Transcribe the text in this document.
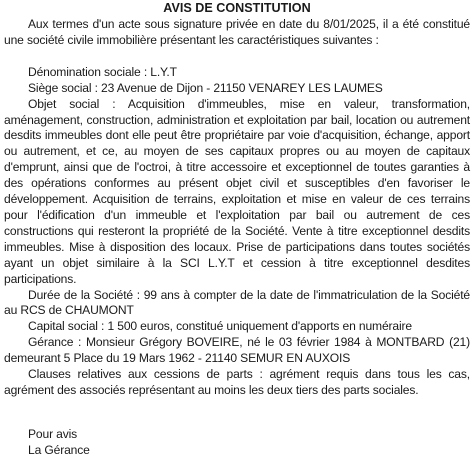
AVIS DE CONSTITUTION

Aux termes d'un acte sous signature privée en date du 8/01/2025, il a été constitué une société civile immobilière présentant les caractéristiques suivantes :

Dénomination sociale : L.Y.T

Siège social : 23 Avenue de Dijon - 21150 VENAREY LES LAUMES

Objet social : Acquisition d'immeubles, mise en valeur, transformation, aménagement, construction, administration et exploitation par bail, location ou autrement desdits immeubles dont elle peut être propriétaire par voie d'acquisition, échange, apport ou autrement, et ce, au moyen de ses capitaux propres ou au moyen de capitaux d'emprunt, ainsi que de l'octroi, à titre accessoire et exceptionnel de toutes garanties à des opérations conformes au présent objet civil et susceptibles d'en favoriser le développement. Acquisition de terrains, exploitation et mise en valeur de ces terrains pour l'édification d'un immeuble et l'exploitation par bail ou autrement de ces constructions qui resteront la propriété de la Société. Vente à titre exceptionnel desdits immeubles. Mise à disposition des locaux. Prise de participations dans toutes sociétés ayant un objet similaire à la SCI L.Y.T et cession à titre exceptionnel desdites participations.

Durée de la Société : 99 ans à compter de la date de l'immatriculation de la Société au RCS de CHAUMONT

Capital social : 1 500 euros, constitué uniquement d'apports en numéraire

Gérance : Monsieur Grégory BOVEIRE, né le 03 février 1984 à MONTBARD (21) demeurant 5 Place du 19 Mars 1962 - 21140 SEMUR EN AUXOIS

Clauses relatives aux cessions de parts : agrément requis dans tous les cas, agrément des associés représentant au moins les deux tiers des parts sociales.

Pour avis
La Gérance
